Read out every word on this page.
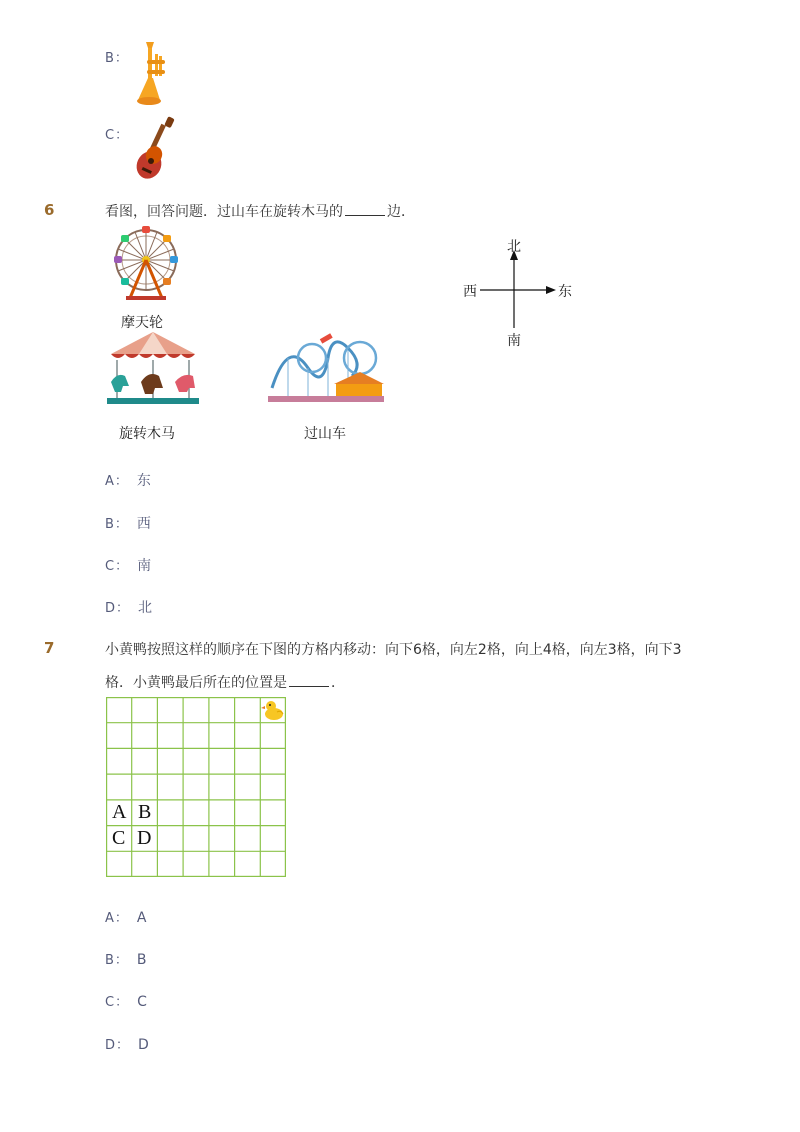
B：
C：
6	看图，回答问题．过山车在旋转木马的	边．
摩天轮
旋转木马	过山车
北
南
西	东
A： 东
B： 西
C： 南
D： 北
7	小黄鸭按照这样的顺序在下图的方格内移动：向下6格，向左2格，向上4格，向左3格，向下3
格．小黄鸭最后所在的位置是	．
A B
C D
A： A
B： B
C： C
D： D
